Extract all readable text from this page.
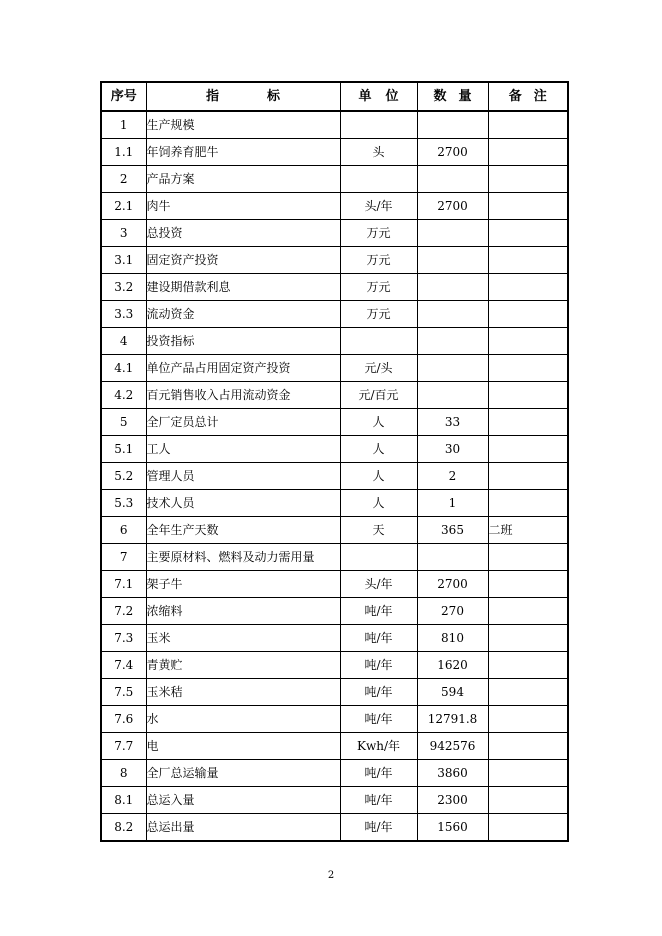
序号	指 标	单 位	数 量	备 注
1	生产规模			
1.1	年饲养育肥牛	头	2700	
2	产品方案			
2.1	肉牛	头/年	2700	
3	总投资	万元		
3.1	固定资产投资	万元		
3.2	建设期借款利息	万元		
3.3	流动资金	万元		
4	投资指标			
4.1	单位产品占用固定资产投资	元/头		
4.2	百元销售收入占用流动资金	元/百元		
5	全厂定员总计	人	33	
5.1	工人	人	30	
5.2	管理人员	人	2	
5.3	技术人员	人	1	
6	全年生产天数	天	365	二班
7	主要原材料、燃料及动力需用量			
7.1	架子牛	头/年	2700	
7.2	浓缩料	吨/年	270	
7.3	玉米	吨/年	810	
7.4	青黄贮	吨/年	1620	
7.5	玉米秸	吨/年	594	
7.6	水	吨/年	12791.8	
7.7	电	Kwh/年	942576	
8	全厂总运输量	吨/年	3860	
8.1	总运入量	吨/年	2300	
8.2	总运出量	吨/年	1560	
2
